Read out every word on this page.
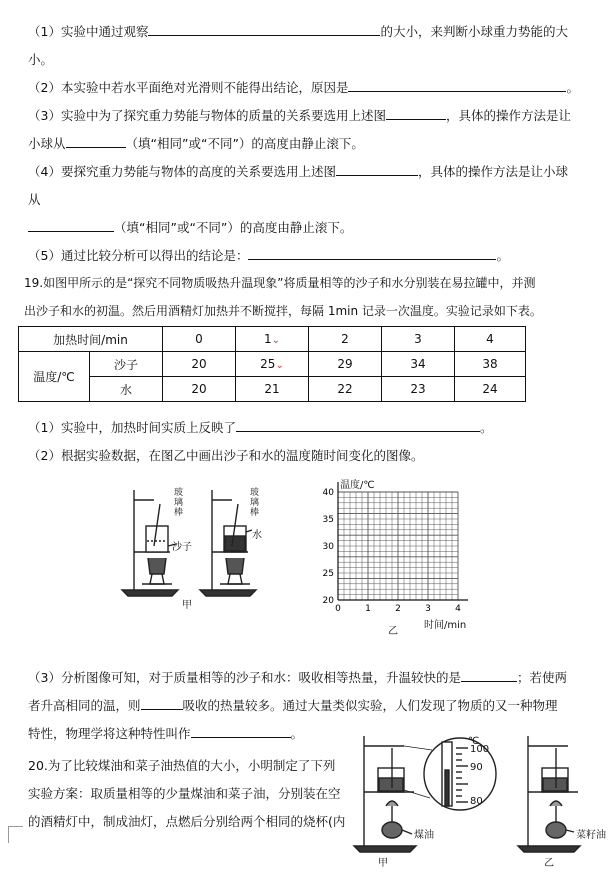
（1）实验中通过观察	的大小，来判断小球重力势能的大
小。
（2）本实验中若水平面绝对光滑则不能得出结论，原因是	。
（3）实验中为了探究重力势能与物体的质量的关系要选用上述图	，具体的操作方法是让
小球从	（填“相同”或“不同”）的高度由静止滚下。
（4）要探究重力势能与物体的高度的关系要选用上述图	，具体的操作方法是让小球
从
（填“相同”或“不同”）的高度由静止滚下。
（5）通过比较分析可以得出的结论是：	。
19.如图甲所示的是“探究不同物质吸热升温现象”将质量相等的沙子和水分别装在易拉罐中，并测
出沙子和水的初温。然后用酒精灯加热并不断搅拌，每隔 1min 记录一次温度。实验记录如下表。
加热时间/min		0	1⌄	2	3	4
温度/℃	沙子	20	25⌄	29	34	38
	水	20	21	22	23	24
（1）实验中，加热时间实质上反映了	。
（2）根据实验数据，在图乙中画出沙子和水的温度随时间变化的图像。
玻璃棒
玻璃棒
沙子
水
甲
40
35
30
25
20
0	1	2	3	4
温度/℃
时间/min
乙
（3）分析图像可知，对于质量相等的沙子和水：吸收相等热量，升温较快的是	；若使两
者升高相同的温，则	吸收的热量较多。通过大量类似实验，人们发现了物质的又一种物理
特性，物理学将这种特性叫作	。
20.为了比较煤油和菜子油热值的大小，小明制定了下列
实验方案：取质量相等的少量煤油和菜子油，分别装在空
的酒精灯中，制成油灯，点燃后分别给两个相同的烧杯(内
℃
100
90
80
煤油	菜籽油
甲	乙
